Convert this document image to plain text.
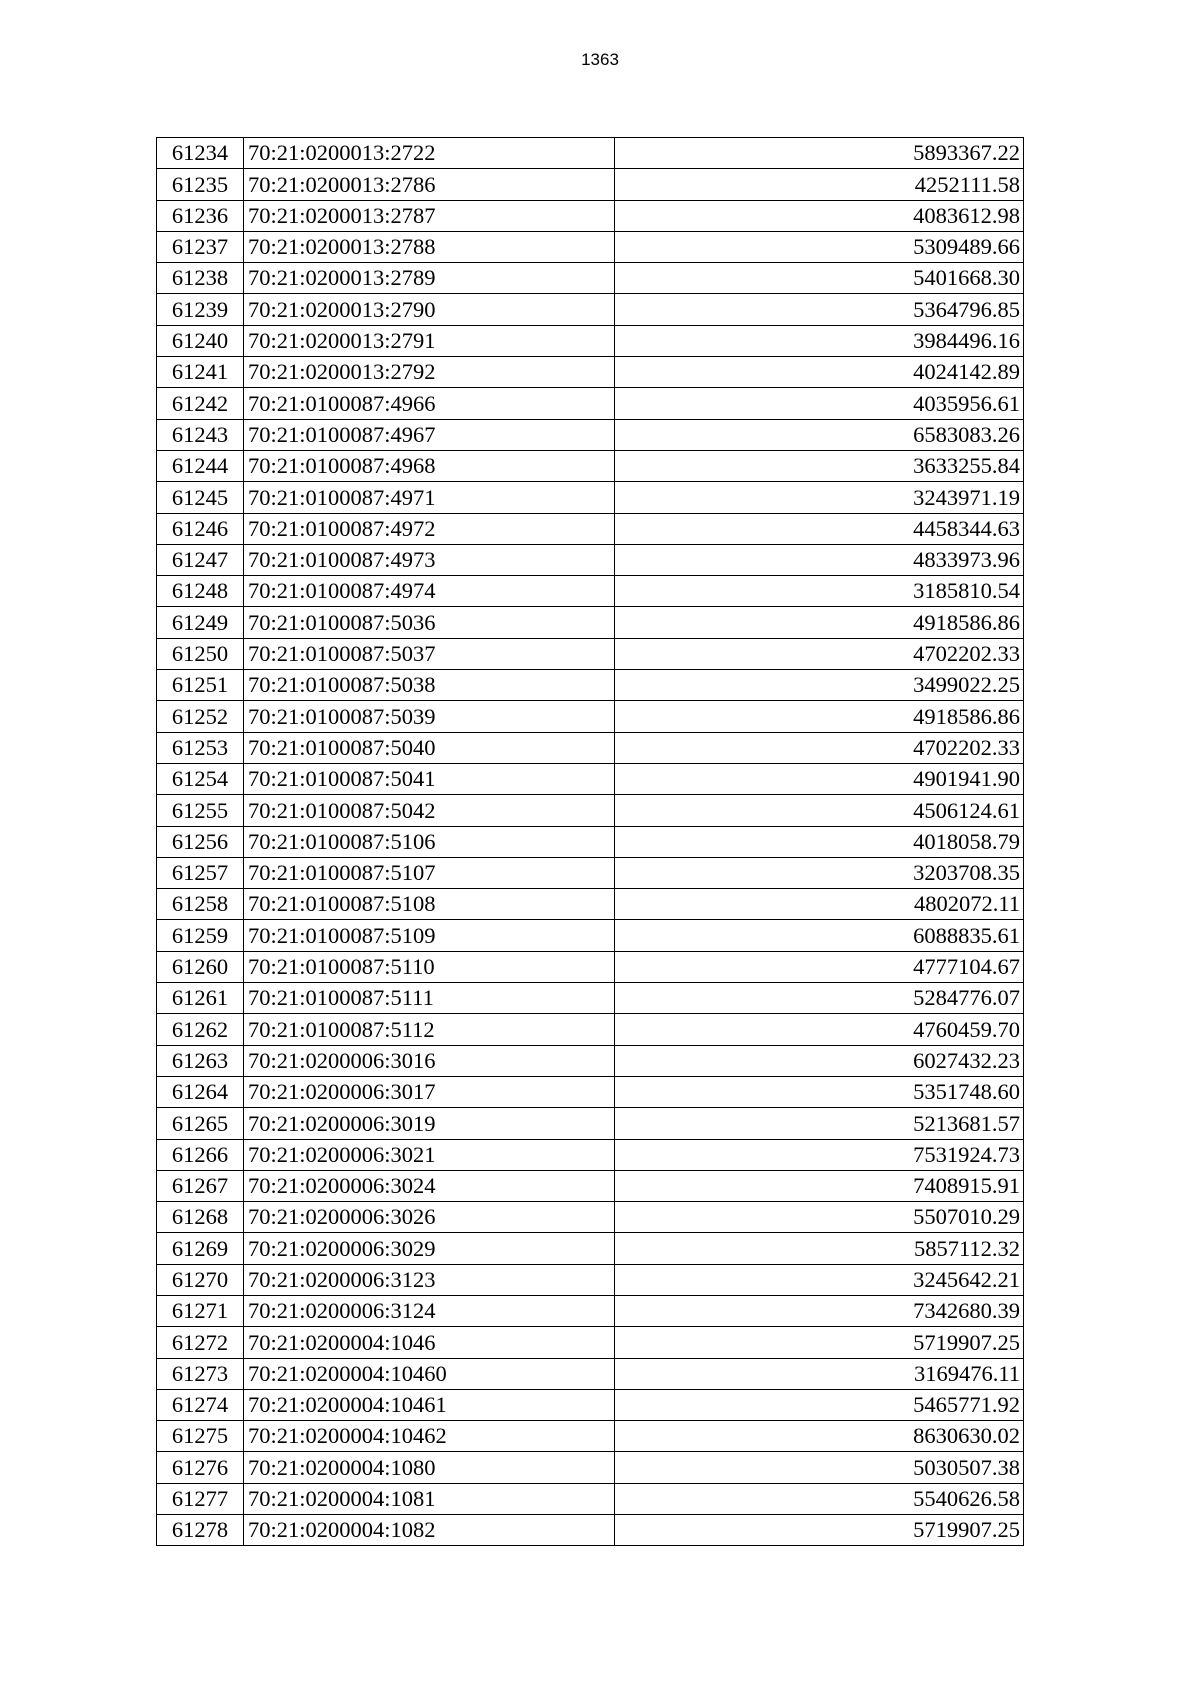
1363
61234	70:21:0200013:2722	5893367.22
61235	70:21:0200013:2786	4252111.58
61236	70:21:0200013:2787	4083612.98
61237	70:21:0200013:2788	5309489.66
61238	70:21:0200013:2789	5401668.30
61239	70:21:0200013:2790	5364796.85
61240	70:21:0200013:2791	3984496.16
61241	70:21:0200013:2792	4024142.89
61242	70:21:0100087:4966	4035956.61
61243	70:21:0100087:4967	6583083.26
61244	70:21:0100087:4968	3633255.84
61245	70:21:0100087:4971	3243971.19
61246	70:21:0100087:4972	4458344.63
61247	70:21:0100087:4973	4833973.96
61248	70:21:0100087:4974	3185810.54
61249	70:21:0100087:5036	4918586.86
61250	70:21:0100087:5037	4702202.33
61251	70:21:0100087:5038	3499022.25
61252	70:21:0100087:5039	4918586.86
61253	70:21:0100087:5040	4702202.33
61254	70:21:0100087:5041	4901941.90
61255	70:21:0100087:5042	4506124.61
61256	70:21:0100087:5106	4018058.79
61257	70:21:0100087:5107	3203708.35
61258	70:21:0100087:5108	4802072.11
61259	70:21:0100087:5109	6088835.61
61260	70:21:0100087:5110	4777104.67
61261	70:21:0100087:5111	5284776.07
61262	70:21:0100087:5112	4760459.70
61263	70:21:0200006:3016	6027432.23
61264	70:21:0200006:3017	5351748.60
61265	70:21:0200006:3019	5213681.57
61266	70:21:0200006:3021	7531924.73
61267	70:21:0200006:3024	7408915.91
61268	70:21:0200006:3026	5507010.29
61269	70:21:0200006:3029	5857112.32
61270	70:21:0200006:3123	3245642.21
61271	70:21:0200006:3124	7342680.39
61272	70:21:0200004:1046	5719907.25
61273	70:21:0200004:10460	3169476.11
61274	70:21:0200004:10461	5465771.92
61275	70:21:0200004:10462	8630630.02
61276	70:21:0200004:1080	5030507.38
61277	70:21:0200004:1081	5540626.58
61278	70:21:0200004:1082	5719907.25
